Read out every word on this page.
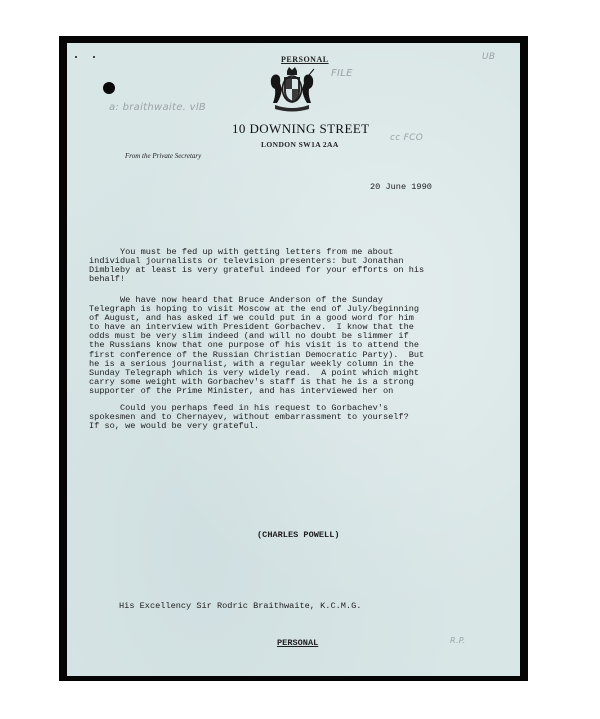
PERSONAL
FILE
UB
a: braithwaite. vlB
cc FCO
10 DOWNING STREET
LONDON SW1A 2AA
From the Private Secretary
20 June 1990
You must be fed up with getting letters from me about
individual journalists or television presenters: but Jonathan
Dimbleby at least is very grateful indeed for your efforts on his
behalf!
We have now heard that Bruce Anderson of the Sunday
Telegraph is hoping to visit Moscow at the end of July/beginning
of August, and has asked if we could put in a good word for him
to have an interview with President Gorbachev.  I know that the
odds must be very slim indeed (and will no doubt be slimmer if
the Russians know that one purpose of his visit is to attend the
first conference of the Russian Christian Democratic Party).  But
he is a serious journalist, with a regular weekly column in the
Sunday Telegraph which is very widely read.  A point which might
carry some weight with Gorbachev's staff is that he is a strong
supporter of the Prime Minister, and has interviewed her on
Could you perhaps feed in his request to Gorbachev's
spokesmen and to Chernayev, without embarrassment to yourself?
If so, we would be very grateful.
(CHARLES POWELL)
His Excellency Sir Rodric Braithwaite, K.C.M.G.
PERSONAL	R.P.
